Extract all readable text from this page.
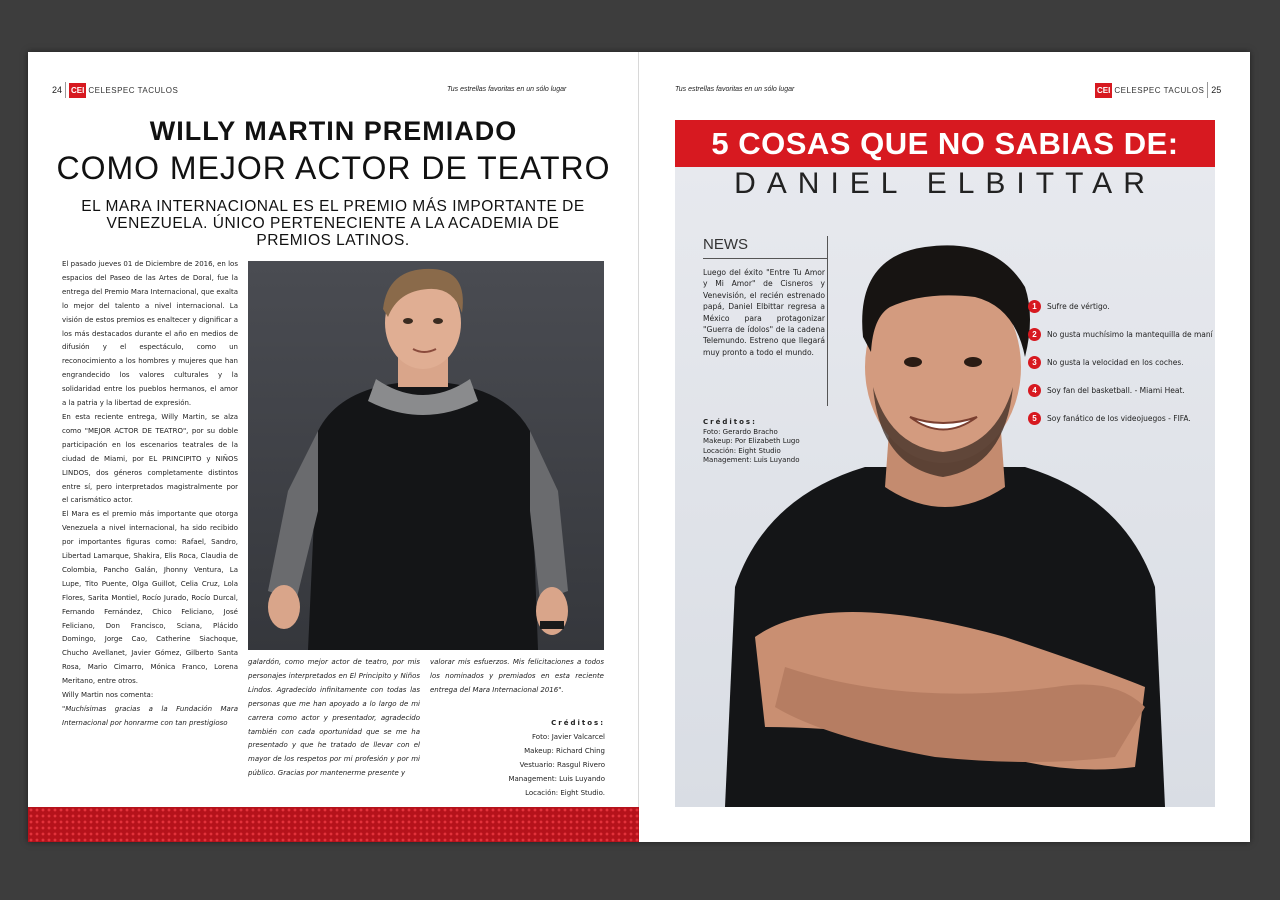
24 CEI CELESPEC TACULOS	Tus estrellas favoritas en un sólo lugar
WILLY MARTIN PREMIADO
COMO MEJOR ACTOR DE TEATRO
EL MARA INTERNACIONAL ES EL PREMIO MÁS IMPORTANTE DE VENEZUELA. ÚNICO PERTENECIENTE A LA ACADEMIA DE PREMIOS LATINOS.

El pasado jueves 01 de Diciembre de 2016, en los espacios del Paseo de las Artes de Doral, fue la entrega del Premio Mara Internacional, que exalta lo mejor del talento a nivel internacional. La visión de estos premios es enaltecer y dignificar a los más destacados durante el año en medios de difusión y el espectáculo, como un reconocimiento a los hombres y mujeres que han engrandecido los valores culturales y la solidaridad entre los pueblos hermanos, el amor a la patria y la libertad de expresión.

En esta reciente entrega, Willy Martin, se alza como "MEJOR ACTOR DE TEATRO", por su doble participación en los escenarios teatrales de la ciudad de Miami, por EL PRINCIPITO y NIÑOS LINDOS, dos géneros completamente distintos entre sí, pero interpretados magistralmente por el carismático actor.

El Mara es el premio más importante que otorga Venezuela a nivel internacional, ha sido recibido por importantes figuras como: Rafael, Sandro, Libertad Lamarque, Shakira, Elis Roca, Claudia de Colombia, Pancho Galán, Jhonny Ventura, La Lupe, Tito Puente, Olga Guillot, Celia Cruz, Lola Flores, Sarita Montiel, Rocío Jurado, Rocío Durcal, Fernando Fernández, Chico Feliciano, José Feliciano, Don Francisco, Sciana, Plácido Domingo, Jorge Cao, Catherine Siachoque, Chucho Avellanet, Javier Gómez, Gilberto Santa Rosa, Mario Cimarro, Mónica Franco, Lorena Meritano, entre otros.

Willy Martin nos comenta:

"Muchísimas gracias a la Fundación Mara Internacional por honrarme con tan prestigioso

galardón, como mejor actor de teatro, por mis personajes interpretados en El Principito y Niños Lindos. Agradecido infinitamente con todas las personas que me han apoyado a lo largo de mi carrera como actor y presentador, agradecido también con cada oportunidad que se me ha presentado y que he tratado de llevar con el mayor de los respetos por mi profesión y por mi público. Gracias por mantenerme presente y
valorar mis esfuerzos. Mis felicitaciones a todos los nominados y premiados en esta reciente entrega del Mara Internacional 2016".
Créditos:
Foto: Javier Valcarcel
Makeup: Richard Ching
Vestuario: Rasgul Rivero
Management: Luis Luyando
Locación: Eight Studio.
Tus estrellas favoritas en un sólo lugar	CEI CELESPEC TACULOS 25
5 COSAS QUE NO SABIAS DE:
DANIEL ELBITTAR
NEWS
Luego del éxito "Entre Tu Amor y Mi Amor" de Cisneros y Venevisión, el recién estrenado papá, Daniel Elbittar regresa a México para protagonizar "Guerra de ídolos" de la cadena Telemundo. Estreno que llegará muy pronto a todo el mundo.
Créditos:
Foto: Gerardo Bracho
Makeup: Por Elizabeth Lugo
Locación: Eight Studio
Management: Luis Luyando
1	Sufre de vértigo.
2	No gusta muchísimo la mantequilla de maní
3	No gusta la velocidad en los coches.
4	Soy fan del basketball. - Miami Heat.
5	Soy fanático de los videojuegos - FIFA.
